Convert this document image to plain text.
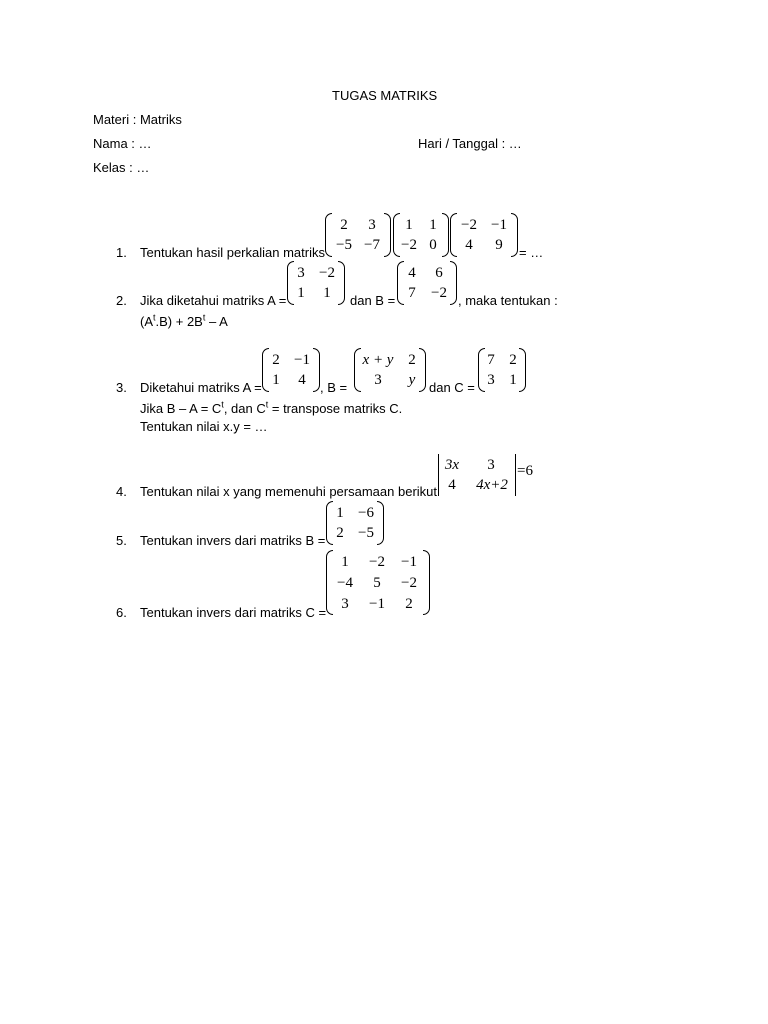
TUGAS MATRIKS
Materi : Matriks
Nama : …	Hari / Tanggal : …
Kelas : …
1. Tentukan hasil perkalian matriks
2	3
−5 −7
1	1
−2 0
−2 −1
4	9	= …
2. Jika diketahui matriks A =
3 −2
1	1	dan B =
4	6
7	−2 , maka tentukan :
$(A^t.B) + 2B^t - A$
3. Diketahui matriks A =
2 −1
1	4	, B =
x + y 2
3	y	dan C =
7 2
3 1
Jika $B - A = C^t$, dan $C^t$ = transpose matriks C.
Tentukan nilai x.y = …
4. Tentukan nilai x yang memenuhi persamaan berikut
3x	3
4	4x+2
=6
5. Tentukan invers dari matriks B =
1 −6
2 −5
6. Tentukan invers dari matriks C =
1	−2	−1
−4	5	−2
3	−1	2
